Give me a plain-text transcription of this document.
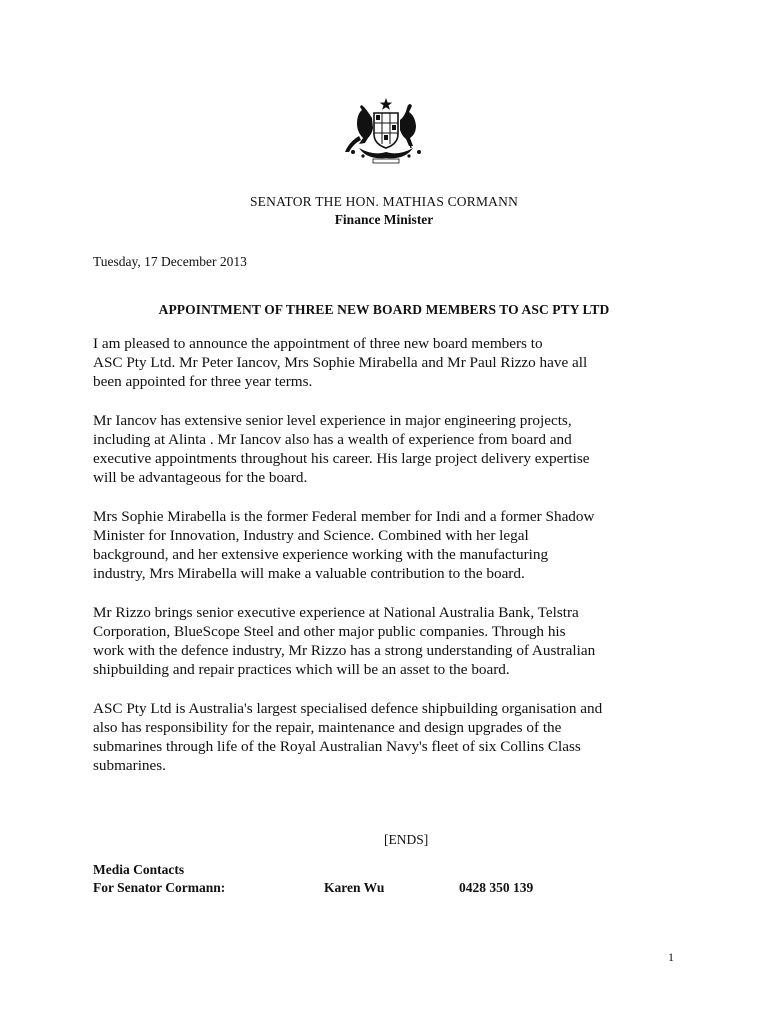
SENATOR THE HON. MATHIAS CORMANN
Finance Minister
Tuesday, 17 December 2013
APPOINTMENT OF THREE NEW BOARD MEMBERS TO ASC PTY LTD

I am pleased to announce the appointment of three new board members to
ASC Pty Ltd. Mr Peter Iancov, Mrs Sophie Mirabella and Mr Paul Rizzo have all
been appointed for three year terms.

Mr Iancov has extensive senior level experience in major engineering projects,
including at Alinta . Mr Iancov also has a wealth of experience from board and
executive appointments throughout his career. His large project delivery expertise
will be advantageous for the board.

Mrs Sophie Mirabella is the former Federal member for Indi and a former Shadow
Minister for Innovation, Industry and Science. Combined with her legal
background, and her extensive experience working with the manufacturing
industry, Mrs Mirabella will make a valuable contribution to the board.

Mr Rizzo brings senior executive experience at National Australia Bank, Telstra
Corporation, BlueScope Steel and other major public companies. Through his
work with the defence industry, Mr Rizzo has a strong understanding of Australian
shipbuilding and repair practices which will be an asset to the board.

ASC Pty Ltd is Australia's largest specialised defence shipbuilding organisation and
also has responsibility for the repair, maintenance and design upgrades of the
submarines through life of the Royal Australian Navy's fleet of six Collins Class
submarines.

[ENDS]
Media Contacts
For Senator Cormann:	Karen Wu	0428 350 139
1
